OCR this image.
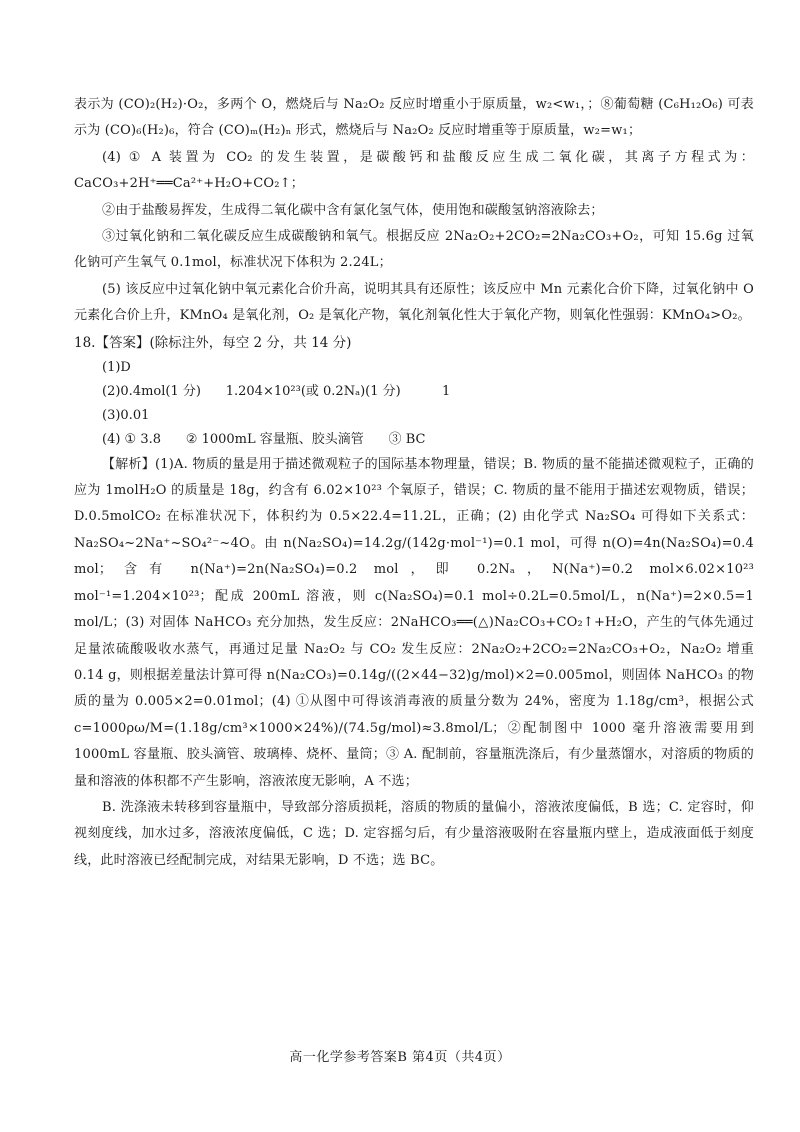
表示为 (CO)₂(H₂)·O₂，多两个 O，燃烧后与 Na₂O₂ 反应时增重小于原质量，w₂<w₁，；⑧葡萄糖 (C₆H₁₂O₆) 可表示为 (CO)₆(H₂)₆，符合 (CO)ₘ(H₂)ₙ 形式，燃烧后与 Na₂O₂ 反应时增重等于原质量，w₂=w₁；

(4) ① A 装置为 CO₂ 的发生装置，是碳酸钙和盐酸反应生成二氧化碳，其离子方程式为：CaCO₃+2H⁺══Ca²⁺+H₂O+CO₂↑；

②由于盐酸易挥发，生成得二氧化碳中含有氯化氢气体，使用饱和碳酸氢钠溶液除去；

③过氧化钠和二氧化碳反应生成碳酸钠和氧气。根据反应 2Na₂O₂+2CO₂=2Na₂CO₃+O₂，可知 15.6g 过氧化钠可产生氧气 0.1mol，标准状况下体积为 2.24L；

(5) 该反应中过氧化钠中氧元素化合价升高，说明其具有还原性；该反应中 Mn 元素化合价下降，过氧化钠中 O 元素化合价上升，KMnO₄ 是氧化剂，O₂ 是氧化产物，氧化剂氧化性大于氧化产物，则氧化性强弱：KMnO₄>O₂。

18.【答案】(除标注外，每空 2 分，共 14 分)

(1)D

(2)0.4mol(1 分)      1.204×10²³(或 0.2Nₐ)(1 分)          1

(3)0.01

(4) ① 3.8      ② 1000mL 容量瓶、胶头滴管      ③ BC

【解析】(1)A. 物质的量是用于描述微观粒子的国际基本物理量，错误；B. 物质的量不能描述微观粒子，正确的应为 1molH₂O 的质量是 18g，约含有 6.02×10²³ 个氧原子，错误；C. 物质的量不能用于描述宏观物质，错误；D.0.5molCO₂ 在标准状况下，体积约为 0.5×22.4=11.2L，正确；(2) 由化学式 Na₂SO₄ 可得如下关系式：Na₂SO₄~2Na⁺~SO₄²⁻~4O。由 n(Na₂SO₄)=14.2g/(142g·mol⁻¹)=0.1 mol，可得 n(O)=4n(Na₂SO₄)=0.4 mol；含有 n(Na⁺)=2n(Na₂SO₄)=0.2 mol，即 0.2Nₐ，N(Na⁺)=0.2 mol×6.02×10²³ mol⁻¹=1.204×10²³；配成 200mL 溶液，则 c(Na₂SO₄)=0.1 mol÷0.2L=0.5mol/L，n(Na⁺)=2×0.5=1 mol/L；(3) 对固体 NaHCO₃ 充分加热，发生反应：2NaHCO₃══(△)Na₂CO₃+CO₂↑+H₂O，产生的气体先通过足量浓硫酸吸收水蒸气，再通过足量 Na₂O₂ 与 CO₂ 发生反应：2Na₂O₂+2CO₂=2Na₂CO₃+O₂，Na₂O₂ 增重 0.14 g，则根据差量法计算可得 n(Na₂CO₃)=0.14g/((2×44−32)g/mol)×2=0.005mol，则固体 NaHCO₃ 的物质的量为 0.005×2=0.01mol；(4) ①从图中可得该消毒液的质量分数为 24%，密度为 1.18g/cm³，根据公式 c=1000ρω/M=(1.18g/cm³×1000×24%)/(74.5g/mol)≈3.8mol/L；②配制图中 1000 毫升溶液需要用到 1000mL 容量瓶、胶头滴管、玻璃棒、烧杯、量筒；③ A. 配制前，容量瓶洗涤后，有少量蒸馏水，对溶质的物质的量和溶液的体积都不产生影响，溶液浓度无影响，A 不选；

B. 洗涤液未转移到容量瓶中，导致部分溶质损耗，溶质的物质的量偏小，溶液浓度偏低，B 选；C. 定容时，仰视刻度线，加水过多，溶液浓度偏低，C 选；D. 定容摇匀后，有少量溶液吸附在容量瓶内壁上，造成液面低于刻度线，此时溶液已经配制完成，对结果无影响，D 不选；选 BC。

高一化学参考答案B 第4页（共4页）
